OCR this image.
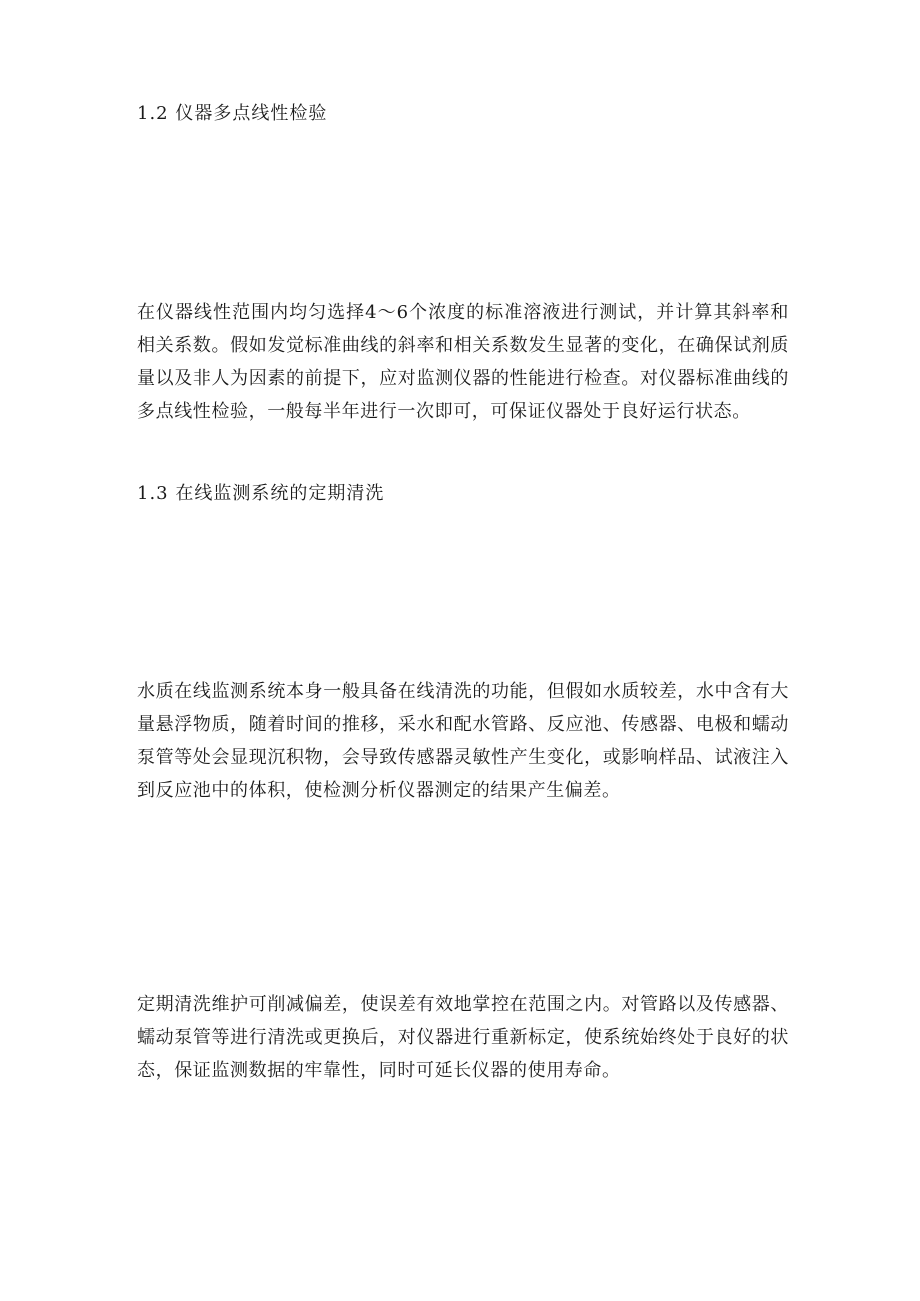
1.2 仪器多点线性检验

在仪器线性范围内均匀选择4～6个浓度的标准溶液进行测试，并计算其斜率和相关系数。假如发觉标准曲线的斜率和相关系数发生显著的变化，在确保试剂质量以及非人为因素的前提下，应对监测仪器的性能进行检查。对仪器标准曲线的多点线性检验，一般每半年进行一次即可，可保证仪器处于良好运行状态。

1.3 在线监测系统的定期清洗

水质在线监测系统本身一般具备在线清洗的功能，但假如水质较差，水中含有大量悬浮物质，随着时间的推移，采水和配水管路、反应池、传感器、电极和蠕动泵管等处会显现沉积物，会导致传感器灵敏性产生变化，或影响样品、试液注入到反应池中的体积，使检测分析仪器测定的结果产生偏差。

定期清洗维护可削减偏差，使误差有效地掌控在范围之内。对管路以及传感器、蠕动泵管等进行清洗或更换后，对仪器进行重新标定，使系统始终处于良好的状态，保证监测数据的牢靠性，同时可延长仪器的使用寿命。
